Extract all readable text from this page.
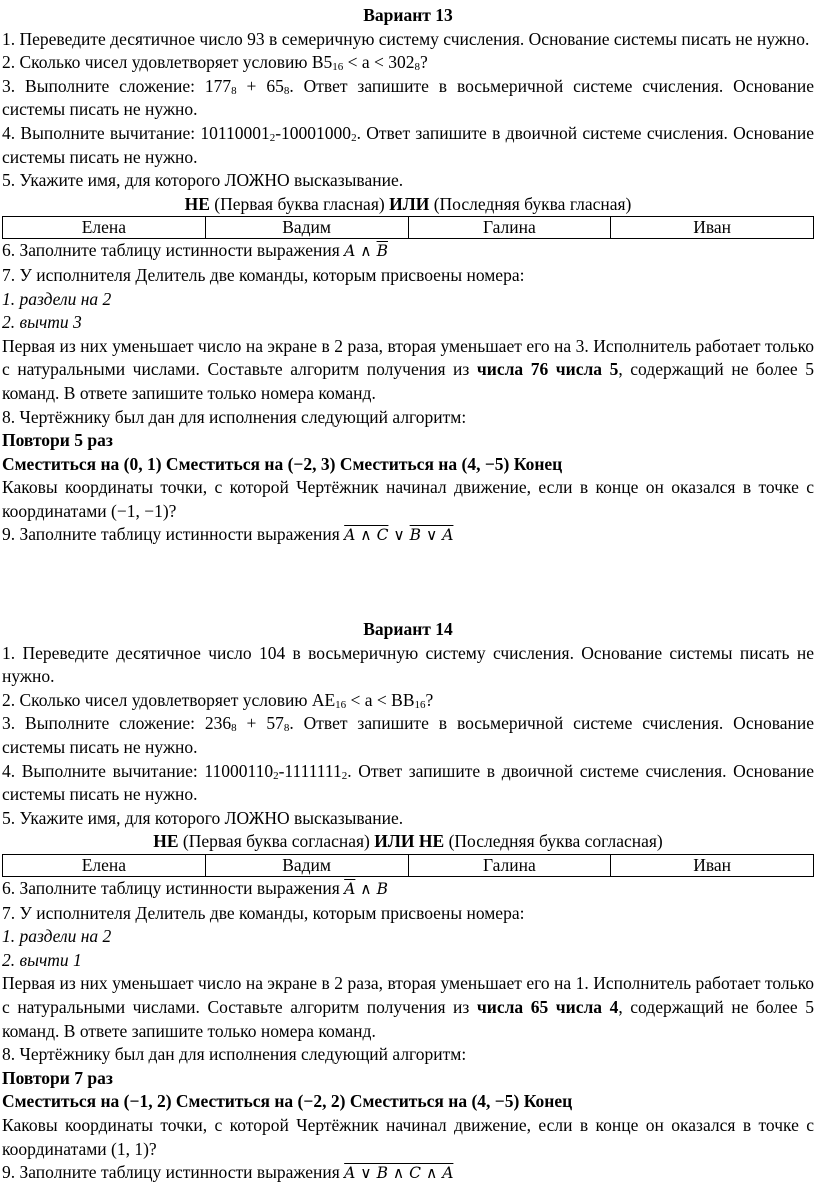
Вариант 13

1. Переведите десятичное число 93 в семеричную систему счисления. Основание системы писать не нужно.

2. Сколько чисел удовлетворяет условию $B5_{16} < a < 302_8$?

3. Выполните сложение: $177_8 + 65_8$. Ответ запишите в восьмеричной системе счисления. Основание системы писать не нужно.

4. Выполните вычитание: $10110001_2-10001000_2$. Ответ запишите в двоичной системе счисления. Основание системы писать не нужно.

5. Укажите имя, для которого ЛОЖНО высказывание.

НЕ (Первая буква гласная) ИЛИ (Последняя буква гласная)

Елена	Вадим	Галина	Иван

6. Заполните таблицу истинности выражения A ∧ B

7. У исполнителя Делитель две команды, которым присвоены номера:

1. раздели на 2

2. вычти 3

Первая из них уменьшает число на экране в 2 раза, вторая уменьшает его на 3. Исполнитель работает только с натуральными числами. Составьте алгоритм получения из числа 76 числа 5, содержащий не более 5 команд. В ответе запишите только номера команд.

8. Чертёжнику был дан для исполнения следующий алгоритм:

Повтори 5 раз

Сместиться на (0, 1) Сместиться на (−2, 3) Сместиться на (4, −5) Конец

Каковы координаты точки, с которой Чертёжник начинал движение, если в конце он оказался в точке с координатами (−1, −1)?

9. Заполните таблицу истинности выражения A ∧ C ∨ B ∨ A

Вариант 14

1. Переведите десятичное число 104 в восьмеричную систему счисления. Основание системы писать не нужно.

2. Сколько чисел удовлетворяет условию $AE_{16} < a < BB_{16}$?

3. Выполните сложение: $236_8 + 57_8$. Ответ запишите в восьмеричной системе счисления. Основание системы писать не нужно.

4. Выполните вычитание: $11000110_2-1111111_2$. Ответ запишите в двоичной системе счисления. Основание системы писать не нужно.

5. Укажите имя, для которого ЛОЖНО высказывание.

НЕ (Первая буква согласная) ИЛИ НЕ (Последняя буква согласная)

Елена	Вадим	Галина	Иван

6. Заполните таблицу истинности выражения $\overline{A}$ ∧ B

7. У исполнителя Делитель две команды, которым присвоены номера:

1. раздели на 2

2. вычти 1

Первая из них уменьшает число на экране в 2 раза, вторая уменьшает его на 1. Исполнитель работает только с натуральными числами. Составьте алгоритм получения из числа 65 числа 4, содержащий не более 5 команд. В ответе запишите только номера команд.

8. Чертёжнику был дан для исполнения следующий алгоритм:

Повтори 7 раз

Сместиться на (−1, 2) Сместиться на (−2, 2) Сместиться на (4, −5) Конец

Каковы координаты точки, с которой Чертёжник начинал движение, если в конце он оказался в точке с координатами (1, 1)?

9. Заполните таблицу истинности выражения A ∨ B ∧ C ∧ A
